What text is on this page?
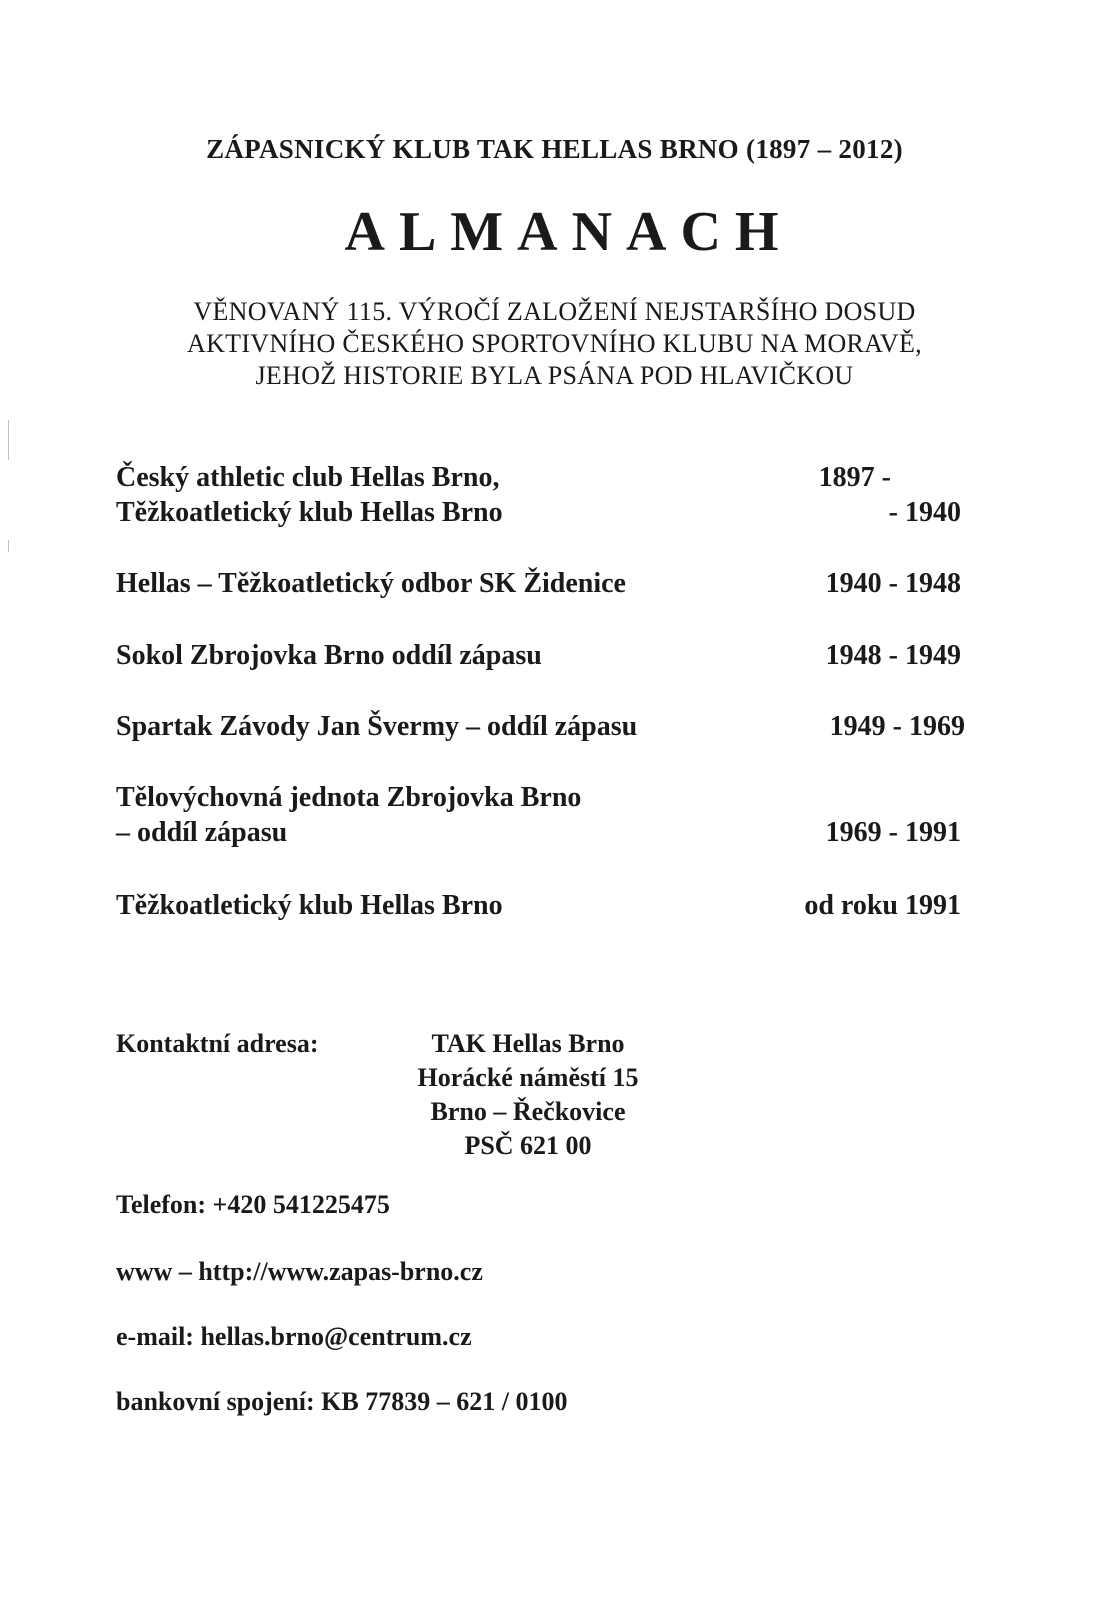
ZÁPASNICKÝ KLUB TAK HELLAS BRNO (1897 – 2012)
ALMANACH
VĚNOVANÝ 115. VÝROČÍ ZALOŽENÍ NEJSTARŠÍHO DOSUD
AKTIVNÍHO ČESKÉHO SPORTOVNÍHO KLUBU NA MORAVĚ,
JEHOŽ HISTORIE BYLA PSÁNA POD HLAVIČKOU
Český athletic club Hellas Brno,	1897 -
Těžkoatletický klub Hellas Brno	- 1940
Hellas – Těžkoatletický odbor SK Židenice	1940 - 1948
Sokol Zbrojovka Brno oddíl zápasu	1948 - 1949
Spartak Závody Jan Švermy – oddíl zápasu	1949 - 1969
Tělovýchovná jednota Zbrojovka Brno
– oddíl zápasu	1969 - 1991
Těžkoatletický klub Hellas Brno	od roku 1991
Kontaktní adresa:	TAK Hellas Brno
Horácké náměstí 15
Brno – Řečkovice
PSČ 621 00
Telefon: +420 541225475
www – http://www.zapas-brno.cz
e-mail: hellas.brno@centrum.cz
bankovní spojení: KB 77839 – 621 / 0100
